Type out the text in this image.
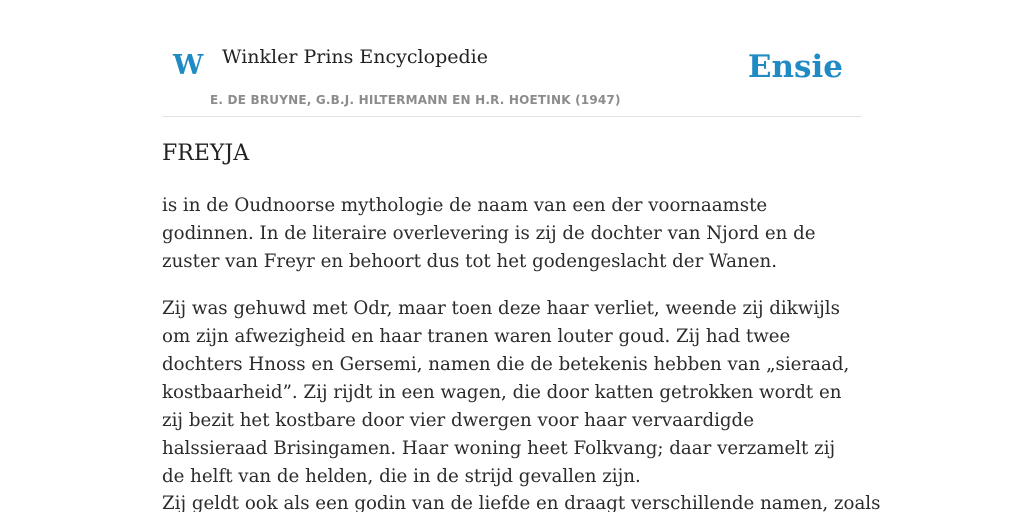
W Winkler Prins Encyclopedie
E. DE BRUYNE, G.B.J. HILTERMANN EN H.R. HOETINK (1947)
Ensie
FREYJA

is in de Oudnoorse mythologie de naam van een der voornaamste godinnen. In de literaire overlevering is zij de dochter van Njord en de zuster van Freyr en behoort dus tot het godengeslacht der Wanen.

Zij was gehuwd met Odr, maar toen deze haar verliet, weende zij dikwijls om zijn afwezigheid en haar tranen waren louter goud. Zij had twee dochters Hnoss en Gersemi, namen die de betekenis hebben van „sieraad, kostbaarheid”. Zij rijdt in een wagen, die door katten getrokken wordt en zij bezit het kostbare door vier dwergen voor haar vervaardigde halssieraad Brisingamen. Haar woning heet Folkvang; daar verzamelt zij de helft van de helden, die in de strijd gevallen zijn.

Zij geldt ook als een godin van de liefde en draagt verschillende namen, zoals
